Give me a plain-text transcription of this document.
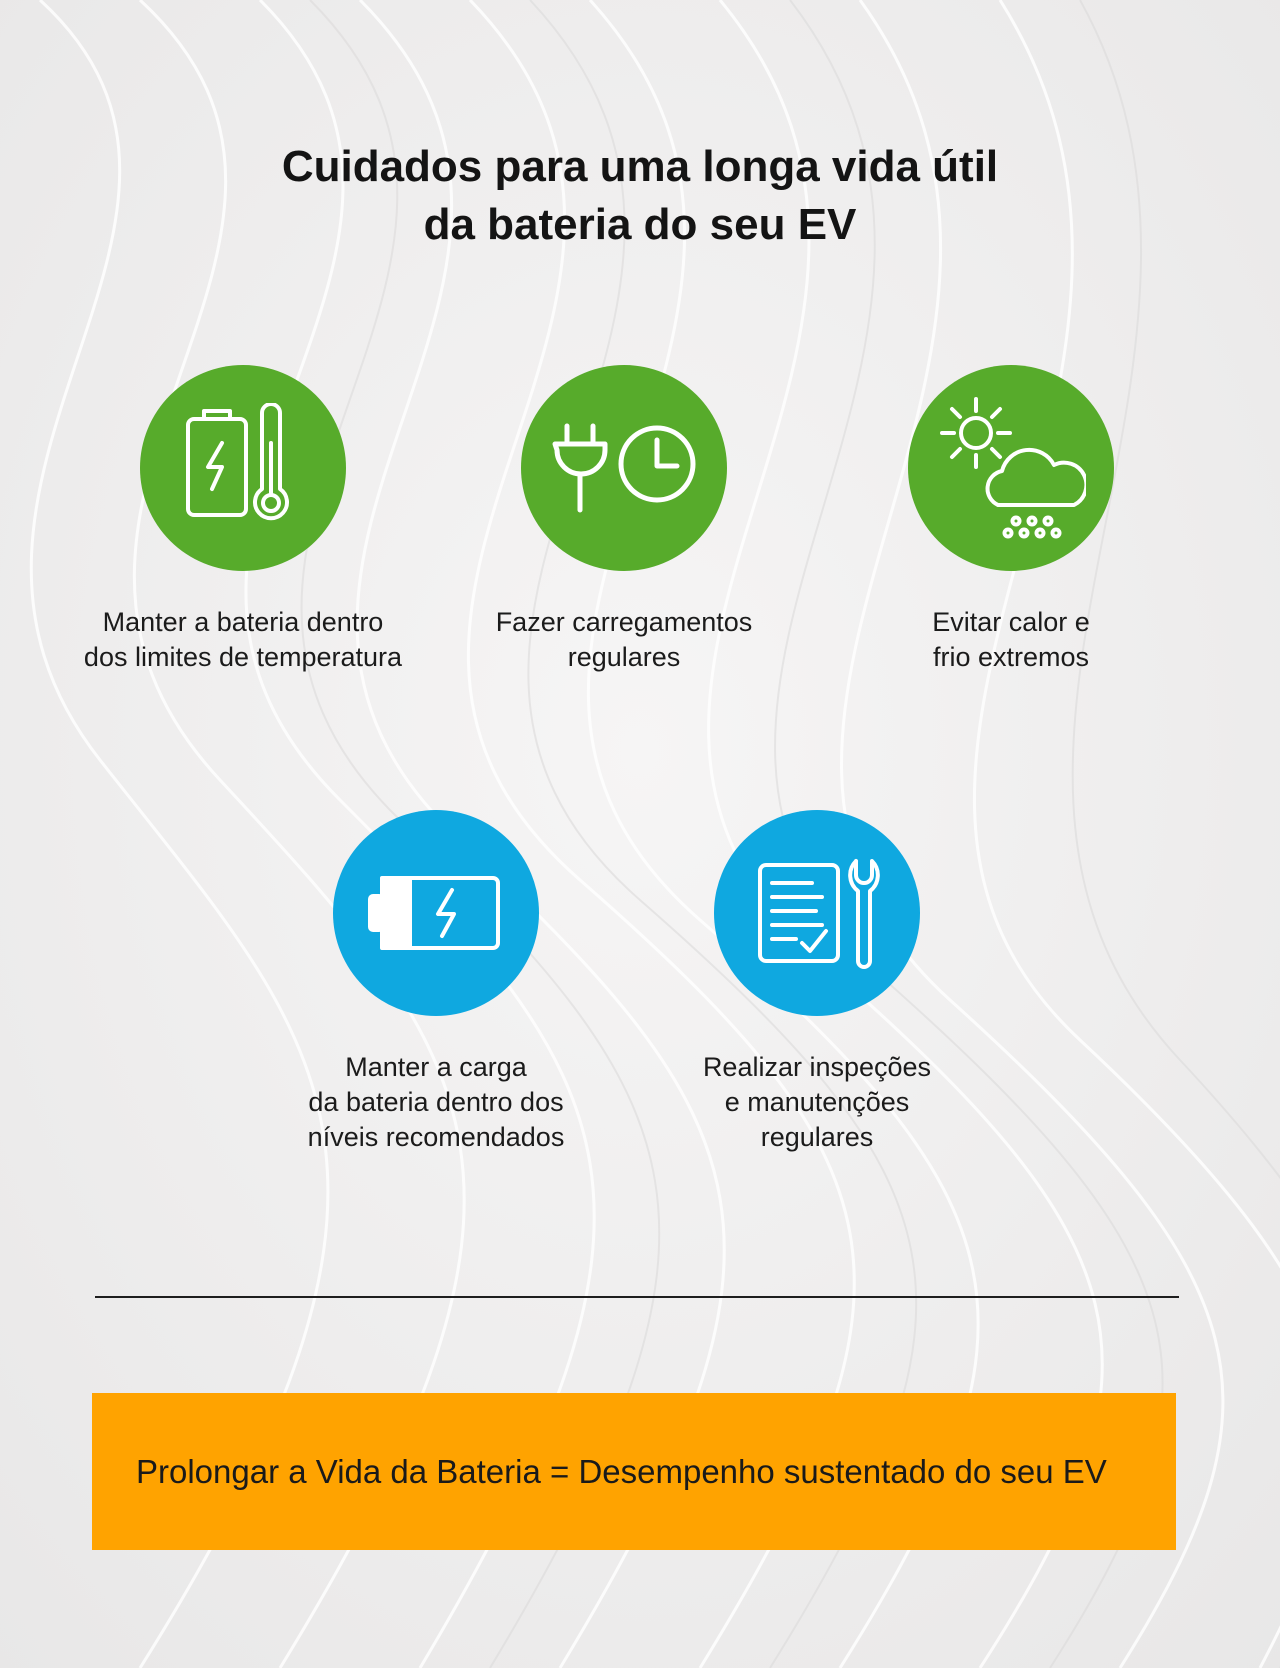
Cuidados para uma longa vida útil
da bateria do seu EV
Manter a bateria dentro
dos limites de temperatura
Fazer carregamentos
regulares
Evitar calor e
frio extremos
Manter a carga
da bateria dentro dos
níveis recomendados
Realizar inspeções
e manutenções
regulares
Prolongar a Vida da Bateria = Desempenho sustentado do seu EV
